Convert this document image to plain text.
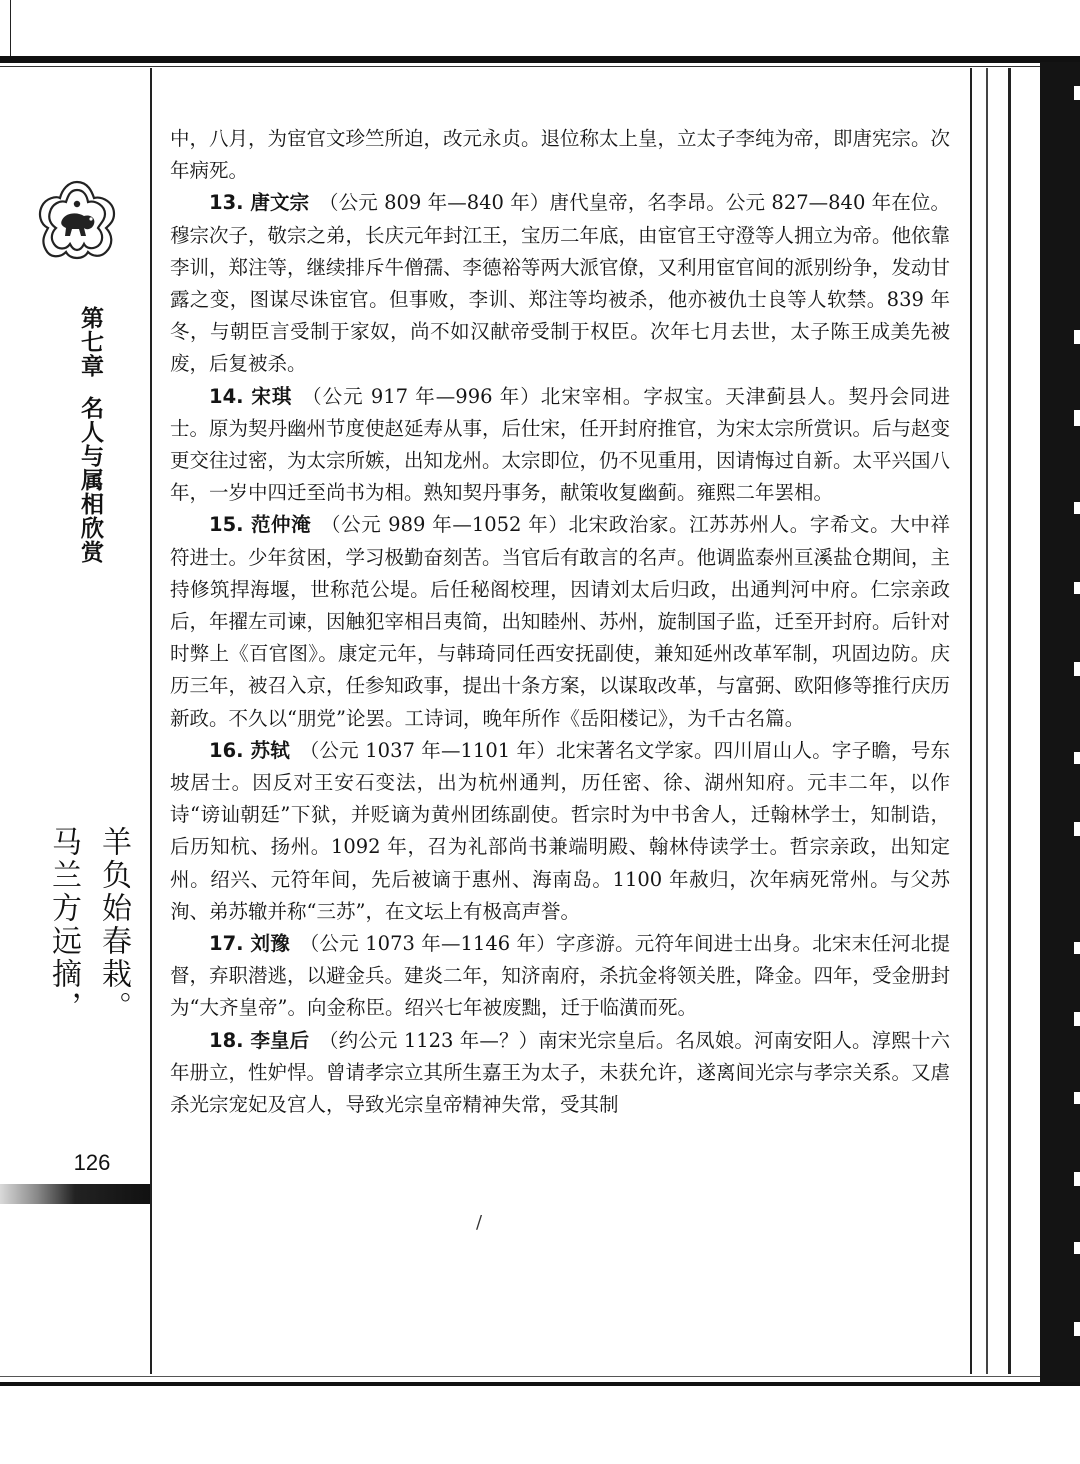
第七章名人与属相欣赏
羊负始春栽。
马兰方远摘，
126

中，八月，为宦官文珍竺所迫，改元永贞。退位称太上皇，立太子李纯为帝，即唐宪宗。次年病死。

13. 唐文宗 （公元 809 年—840 年）唐代皇帝，名李昂。公元 827—840 年在位。穆宗次子，敬宗之弟，长庆元年封江王，宝历二年底，由宦官王守澄等人拥立为帝。他依靠李训，郑注等，继续排斥牛僧孺、李德裕等两大派官僚，又利用宦官间的派别纷争，发动甘露之变，图谋尽诛宦官。但事败，李训、郑注等均被杀，他亦被仇士良等人软禁。839 年冬，与朝臣言受制于家奴，尚不如汉献帝受制于权臣。次年七月去世，太子陈王成美先被废，后复被杀。

14. 宋琪 （公元 917 年—996 年）北宋宰相。字叔宝。天津蓟县人。契丹会同进士。原为契丹幽州节度使赵延寿从事，后仕宋，任开封府推官，为宋太宗所赏识。后与赵变更交往过密，为太宗所嫉，出知龙州。太宗即位，仍不见重用，因请悔过自新。太平兴国八年，一岁中四迁至尚书为相。熟知契丹事务，献策收复幽蓟。雍熙二年罢相。

15. 范仲淹 （公元 989 年—1052 年）北宋政治家。江苏苏州人。字希文。大中祥符进士。少年贫困，学习极勤奋刻苦。当官后有敢言的名声。他调监泰州亘溪盐仓期间，主持修筑捍海堰，世称范公堤。后任秘阁校理，因请刘太后归政，出通判河中府。仁宗亲政后，年擢左司谏，因触犯宰相吕夷简，出知睦州、苏州，旋制国子监，迁至开封府。后针对时弊上《百官图》。康定元年，与韩琦同任西安抚副使，兼知延州改革军制，巩固边防。庆历三年，被召入京，任参知政事，提出十条方案，以谋取改革，与富弼、欧阳修等推行庆历新政。不久以“朋党”论罢。工诗词，晚年所作《岳阳楼记》，为千古名篇。

16. 苏轼 （公元 1037 年—1101 年）北宋著名文学家。四川眉山人。字子瞻，号东坡居士。因反对王安石变法，出为杭州通判，历任密、徐、湖州知府。元丰二年，以作诗“谤讪朝廷”下狱，并贬谪为黄州团练副使。哲宗时为中书舍人，迁翰林学士，知制诰，后历知杭、扬州。1092 年，召为礼部尚书兼端明殿、翰林侍读学士。哲宗亲政，出知定州。绍兴、元符年间，先后被谪于惠州、海南岛。1100 年赦归，次年病死常州。与父苏洵、弟苏辙并称“三苏”，在文坛上有极高声誉。

17. 刘豫 （公元 1073 年—1146 年）字彦游。元符年间进士出身。北宋末任河北提督，弃职潜逃，以避金兵。建炎二年，知济南府，杀抗金将领关胜，降金。四年，受金册封为“大齐皇帝”。向金称臣。绍兴七年被废黜，迁于临潢而死。

18. 李皇后 （约公元 1123 年—？）南宋光宗皇后。名凤娘。河南安阳人。淳熙十六年册立，性妒悍。曾请孝宗立其所生嘉王为太子，未获允许，遂离间光宗与孝宗关系。又虐杀光宗宠妃及宫人，导致光宗皇帝精神失常，受其制

/
